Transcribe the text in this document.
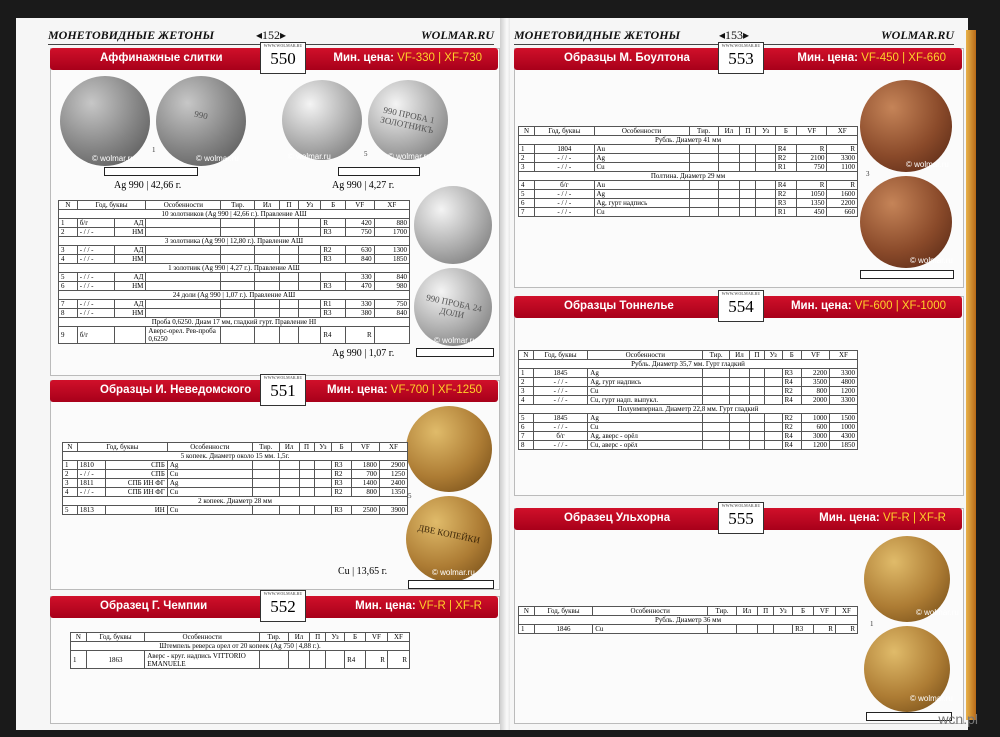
МОНЕТОВИДНЫЕ ЖЕТОНЫ	◂152▸	WOLMAR.RU
Аффинажные слитки
WWW.WOLMAR.RU
550	Мин. цена: VF-330 | XF-730
990
1
© wolmar.ru	© wolmar.ru
Ag 990 | 42,66 г.
990 ПРОБА 1 ЗОЛОТНИКЪ
5
© wolmar.ru	© wolmar.ru
Ag 990 | 4,27 г.
990 ПРОБА 24 ДОЛИ
© wolmar.ru
Ag 990 | 1,07 г.
N	Год, буквы		Особенности	Тир.	Ил	П	Уз	Б	VF	XF
10 золотников (Ag 990 | 42,66 г.). Правление АШ										
1	б/г	АД						R	420	880
2	- / / -	НМ						R3	750	1700
3 золотника (Ag 990 | 12,80 г.). Правление АШ										
3	- / / -	АД						R2	630	1300
4	- / / -	НМ						R3	840	1850
1 золотник (Ag 990 | 4,27 г.). Правление АШ										
5	- / / -	АД							330	840
6	- / / -	НМ						R3	470	980
24 доли (Ag 990 | 1,07 г.). Правление АШ										
7	- / / -	АД						R1	330	750
8	- / / -	НМ						R3	380	840
Проба 0,6250. Диам 17 мм, гладкий гурт. Правление НI										
9	б/г		Аверс-орел. Рев-проба 0,6250					R4	R	
Образцы И. Неведомского
WWW.WOLMAR.RU
551	Мин. цена: VF-700 | XF-1250
ДВЕ КОПЕЙКИ
5
© wolmar.ru
Cu | 13,65 г.
N	Год, буквы		Особенности	Тир.	Ил	П	Уз	Б	VF	XF
5 копеек. Диаметр около 15 мм. 1,5г.										
1	1810	СПБ	Ag					R3	1800	2900
2	- / / -	СПБ	Cu					R2	700	1250
3	1811	СПБ ИН ФГ	Ag					R3	1400	2400
4	- / / -	СПБ ИН ФГ	Cu					R2	800	1350
2 копеек. Диаметр 28 мм										
5	1813	ИН	Cu					R3	2500	3900
Образец Г. Чемпии
WWW.WOLMAR.RU
552	Мин. цена: VF-R | XF-R
N	Год, буквы	Особенности	Тир.	Ил	П	Уз	Б	VF	XF
Штемпель реверса орел от 20 копеек (Ag 750 | 4,88 г.).									
1	1863	Аверс - круг. надпись VITTORIO EMANUELE					R4	R	R
МОНЕТОВИДНЫЕ ЖЕТОНЫ	◂153▸	WOLMAR.RU
Образцы М. Боултона
WWW.WOLMAR.RU
553	Мин. цена: VF-450 | XF-660
3
© wolmar.ru
© wolmar.ru
N	Год, буквы	Особенности	Тир.	Ил	П	Уз	Б	VF	XF
Рубль. Диаметр 41 мм									
1	1804	Au					R4	R	R
2	- / / -	Ag					R2	2100	3300
3	- / / -	Cu					R1	750	1100
Полтина. Диаметр 29 мм									
4	б/г	Au					R4	R	R
5	- / / -	Ag					R2	1050	1600
6	- / / -	Ag, гурт надпись					R3	1350	2200
7	- / / -	Cu					R1	450	660
Образцы Тоннелье
WWW.WOLMAR.RU
554	Мин. цена: VF-600 | XF-1000
N	Год, буквы	Особенности	Тир.	Ил	П	Уз	Б	VF	XF
Рубль. Диаметр 35,7 мм. Гурт гладкий									
1	1845	Ag					R3	2200	3300
2	- / / -	Ag, гурт надпись					R4	3500	4800
3	- / / -	Cu					R2	800	1200
4	- / / -	Cu, гурт надп. выпукл.					R4	2000	3300
Полуимпериал. Диаметр 22,8 мм. Гурт гладкий									
5	1845	Ag					R2	1000	1500
6	- / / -	Cu					R2	600	1000
7	б/г	Ag, аверс - орёл					R4	3000	4300
8	- / / -	Cu, аверс - орёл					R4	1200	1850
Образец Ульхорна
WWW.WOLMAR.RU
555	Мин. цена: VF-R | XF-R
1
© wolmar.ru
© wolmar.ru
N	Год, буквы	Особенности	Тир.	Ил	П	Уз	Б	VF	XF
Рубль. Диаметр 36 мм									
1	1846	Cu					R3	R	R
wcn.pl
